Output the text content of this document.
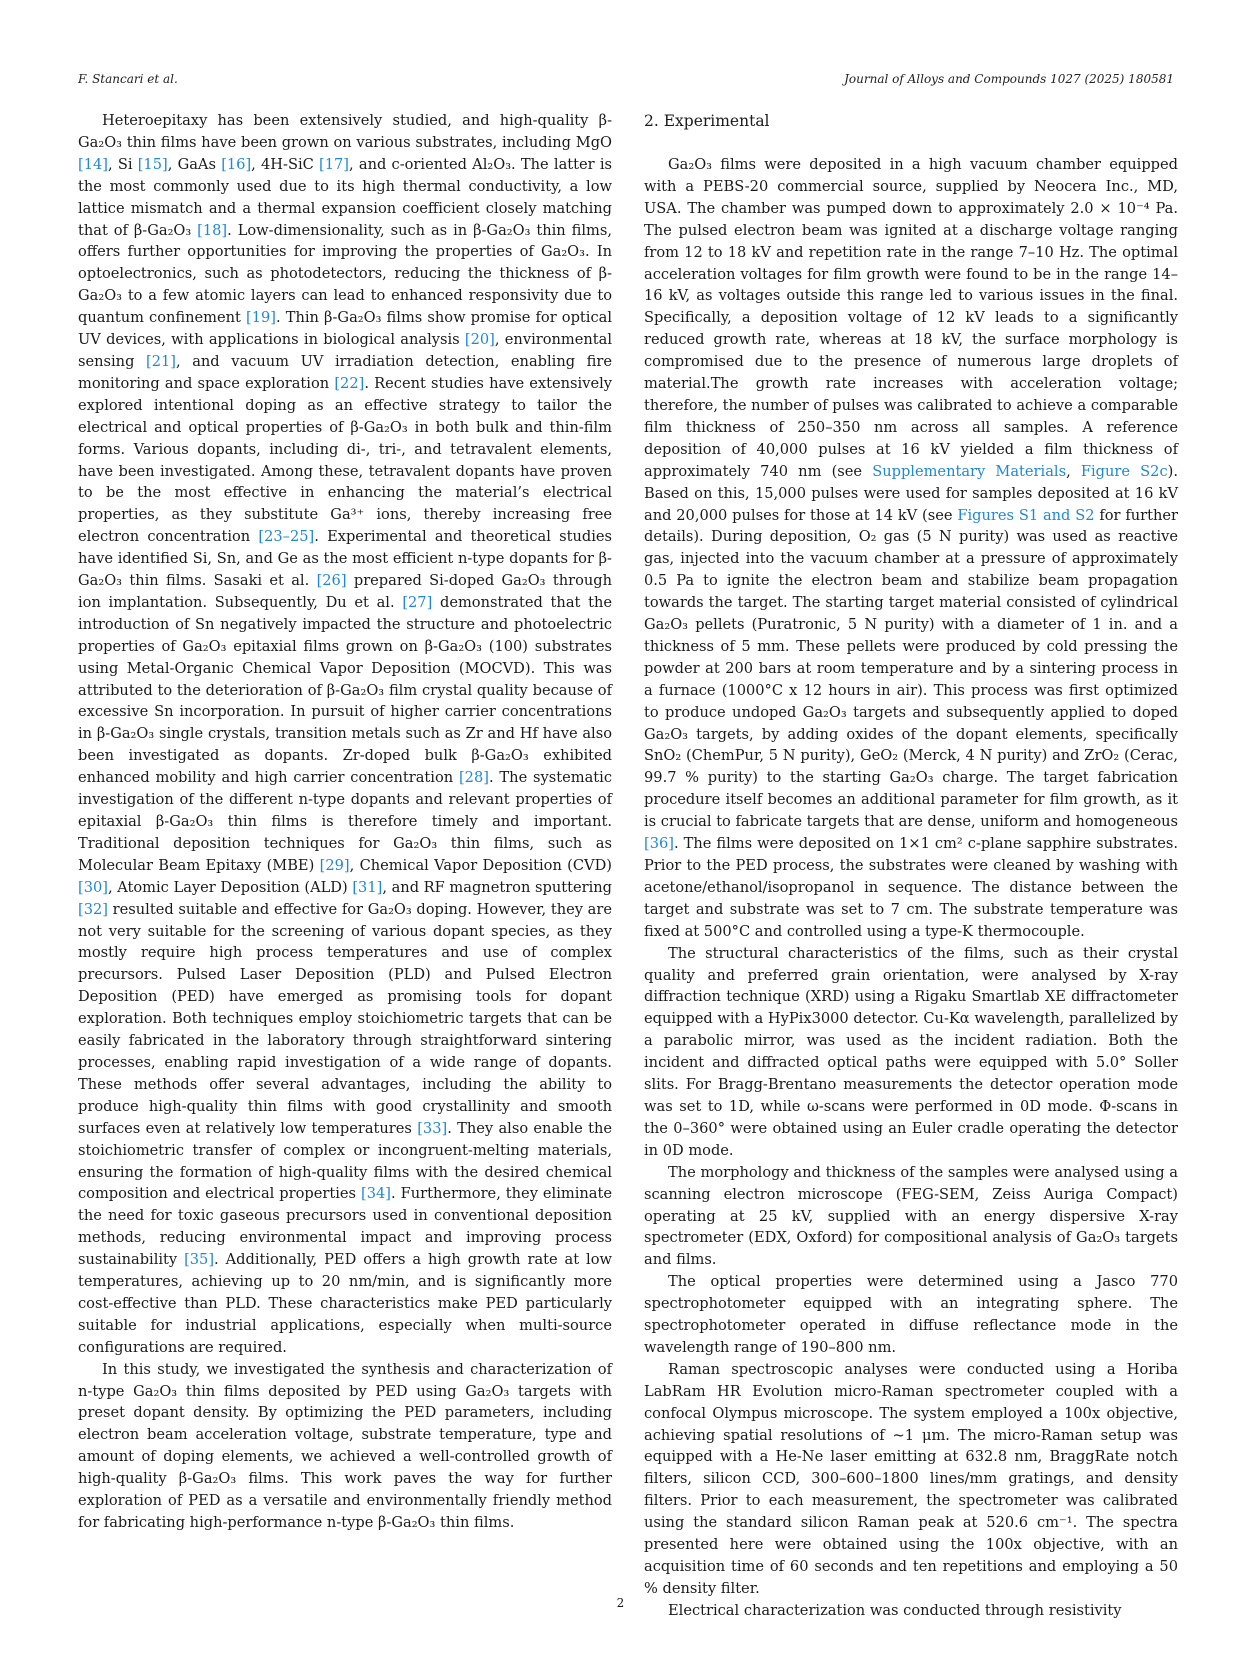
F. Stancari et al.	Journal of Alloys and Compounds 1027 (2025) 180581

Heteroepitaxy has been extensively studied, and high-quality β-Ga₂O₃ thin films have been grown on various substrates, including MgO [14], Si [15], GaAs [16], 4H-SiC [17], and c-oriented Al₂O₃. The latter is the most commonly used due to its high thermal conductivity, a low lattice mismatch and a thermal expansion coefficient closely matching that of β-Ga₂O₃ [18]. Low-dimensionality, such as in β-Ga₂O₃ thin films, offers further opportunities for improving the properties of Ga₂O₃. In optoelectronics, such as photodetectors, reducing the thickness of β-Ga₂O₃ to a few atomic layers can lead to enhanced responsivity due to quantum confinement [19]. Thin β-Ga₂O₃ films show promise for optical UV devices, with applications in biological analysis [20], environmental sensing [21], and vacuum UV irradiation detection, enabling fire monitoring and space exploration [22]. Recent studies have extensively explored intentional doping as an effective strategy to tailor the electrical and optical properties of β-Ga₂O₃ in both bulk and thin-film forms. Various dopants, including di-, tri-, and tetravalent elements, have been investigated. Among these, tetravalent dopants have proven to be the most effective in enhancing the material’s electrical properties, as they substitute Ga³⁺ ions, thereby increasing free electron concentration [23–25]. Experimental and theoretical studies have identified Si, Sn, and Ge as the most efficient n-type dopants for β-Ga₂O₃ thin films. Sasaki et al. [26] prepared Si-doped Ga₂O₃ through ion implantation. Subsequently, Du et al. [27] demonstrated that the introduction of Sn negatively impacted the structure and photoelectric properties of Ga₂O₃ epitaxial films grown on β-Ga₂O₃ (100) substrates using Metal-Organic Chemical Vapor Deposition (MOCVD). This was attributed to the deterioration of β-Ga₂O₃ film crystal quality because of excessive Sn incorporation. In pursuit of higher carrier concentrations in β-Ga₂O₃ single crystals, transition metals such as Zr and Hf have also been investigated as dopants. Zr-doped bulk β-Ga₂O₃ exhibited enhanced mobility and high carrier concentration [28]. The systematic investigation of the different n-type dopants and relevant properties of epitaxial β-Ga₂O₃ thin films is therefore timely and important. Traditional deposition techniques for Ga₂O₃ thin films, such as Molecular Beam Epitaxy (MBE) [29], Chemical Vapor Deposition (CVD) [30], Atomic Layer Deposition (ALD) [31], and RF magnetron sputtering [32] resulted suitable and effective for Ga₂O₃ doping. However, they are not very suitable for the screening of various dopant species, as they mostly require high process temperatures and use of complex precursors. Pulsed Laser Deposition (PLD) and Pulsed Electron Deposition (PED) have emerged as promising tools for dopant exploration. Both techniques employ stoichiometric targets that can be easily fabricated in the laboratory through straightforward sintering processes, enabling rapid investigation of a wide range of dopants. These methods offer several advantages, including the ability to produce high-quality thin films with good crystallinity and smooth surfaces even at relatively low temperatures [33]. They also enable the stoichiometric transfer of complex or incongruent-melting materials, ensuring the formation of high-quality films with the desired chemical composition and electrical properties [34]. Furthermore, they eliminate the need for toxic gaseous precursors used in conventional deposition methods, reducing environmental impact and improving process sustainability [35]. Additionally, PED offers a high growth rate at low temperatures, achieving up to 20 nm/min, and is significantly more cost-effective than PLD. These characteristics make PED particularly suitable for industrial applications, especially when multi-source configurations are required.

In this study, we investigated the synthesis and characterization of n-type Ga₂O₃ thin films deposited by PED using Ga₂O₃ targets with preset dopant density. By optimizing the PED parameters, including electron beam acceleration voltage, substrate temperature, type and amount of doping elements, we achieved a well-controlled growth of high-quality β-Ga₂O₃ films. This work paves the way for further exploration of PED as a versatile and environmentally friendly method for fabricating high-performance n-type β-Ga₂O₃ thin films.

2. Experimental

Ga₂O₃ films were deposited in a high vacuum chamber equipped with a PEBS-20 commercial source, supplied by Neocera Inc., MD, USA. The chamber was pumped down to approximately 2.0 × 10⁻⁴ Pa. The pulsed electron beam was ignited at a discharge voltage ranging from 12 to 18 kV and repetition rate in the range 7–10 Hz. The optimal acceleration voltages for film growth were found to be in the range 14–16 kV, as voltages outside this range led to various issues in the final. Specifically, a deposition voltage of 12 kV leads to a significantly reduced growth rate, whereas at 18 kV, the surface morphology is compromised due to the presence of numerous large droplets of material.The growth rate increases with acceleration voltage; therefore, the number of pulses was calibrated to achieve a comparable film thickness of 250–350 nm across all samples. A reference deposition of 40,000 pulses at 16 kV yielded a film thickness of approximately 740 nm (see Supplementary Materials, Figure S2c). Based on this, 15,000 pulses were used for samples deposited at 16 kV and 20,000 pulses for those at 14 kV (see Figures S1 and S2 for further details). During deposition, O₂ gas (5 N purity) was used as reactive gas, injected into the vacuum chamber at a pressure of approximately 0.5 Pa to ignite the electron beam and stabilize beam propagation towards the target. The starting target material consisted of cylindrical Ga₂O₃ pellets (Puratronic, 5 N purity) with a diameter of 1 in. and a thickness of 5 mm. These pellets were produced by cold pressing the powder at 200 bars at room temperature and by a sintering process in a furnace (1000°C x 12 hours in air). This process was first optimized to produce undoped Ga₂O₃ targets and subsequently applied to doped Ga₂O₃ targets, by adding oxides of the dopant elements, specifically SnO₂ (ChemPur, 5 N purity), GeO₂ (Merck, 4 N purity) and ZrO₂ (Cerac, 99.7 % purity) to the starting Ga₂O₃ charge. The target fabrication procedure itself becomes an additional parameter for film growth, as it is crucial to fabricate targets that are dense, uniform and homogeneous [36]. The films were deposited on 1×1 cm² c-plane sapphire substrates. Prior to the PED process, the substrates were cleaned by washing with acetone/ethanol/isopropanol in sequence. The distance between the target and substrate was set to 7 cm. The substrate temperature was fixed at 500°C and controlled using a type-K thermocouple.

The structural characteristics of the films, such as their crystal quality and preferred grain orientation, were analysed by X-ray diffraction technique (XRD) using a Rigaku Smartlab XE diffractometer equipped with a HyPix3000 detector. Cu-Kα wavelength, parallelized by a parabolic mirror, was used as the incident radiation. Both the incident and diffracted optical paths were equipped with 5.0° Soller slits. For Bragg-Brentano measurements the detector operation mode was set to 1D, while ω-scans were performed in 0D mode. Φ-scans in the 0–360° were obtained using an Euler cradle operating the detector in 0D mode.

The morphology and thickness of the samples were analysed using a scanning electron microscope (FEG-SEM, Zeiss Auriga Compact) operating at 25 kV, supplied with an energy dispersive X-ray spectrometer (EDX, Oxford) for compositional analysis of Ga₂O₃ targets and films.

The optical properties were determined using a Jasco 770 spectrophotometer equipped with an integrating sphere. The spectrophotometer operated in diffuse reflectance mode in the wavelength range of 190–800 nm.

Raman spectroscopic analyses were conducted using a Horiba LabRam HR Evolution micro-Raman spectrometer coupled with a confocal Olympus microscope. The system employed a 100x objective, achieving spatial resolutions of ~1 μm. The micro-Raman setup was equipped with a He-Ne laser emitting at 632.8 nm, BraggRate notch filters, silicon CCD, 300–600–1800 lines/mm gratings, and density filters. Prior to each measurement, the spectrometer was calibrated using the standard silicon Raman peak at 520.6 cm⁻¹. The spectra presented here were obtained using the 100x objective, with an acquisition time of 60 seconds and ten repetitions and employing a 50 % density filter.

Electrical characterization was conducted through resistivity

2
